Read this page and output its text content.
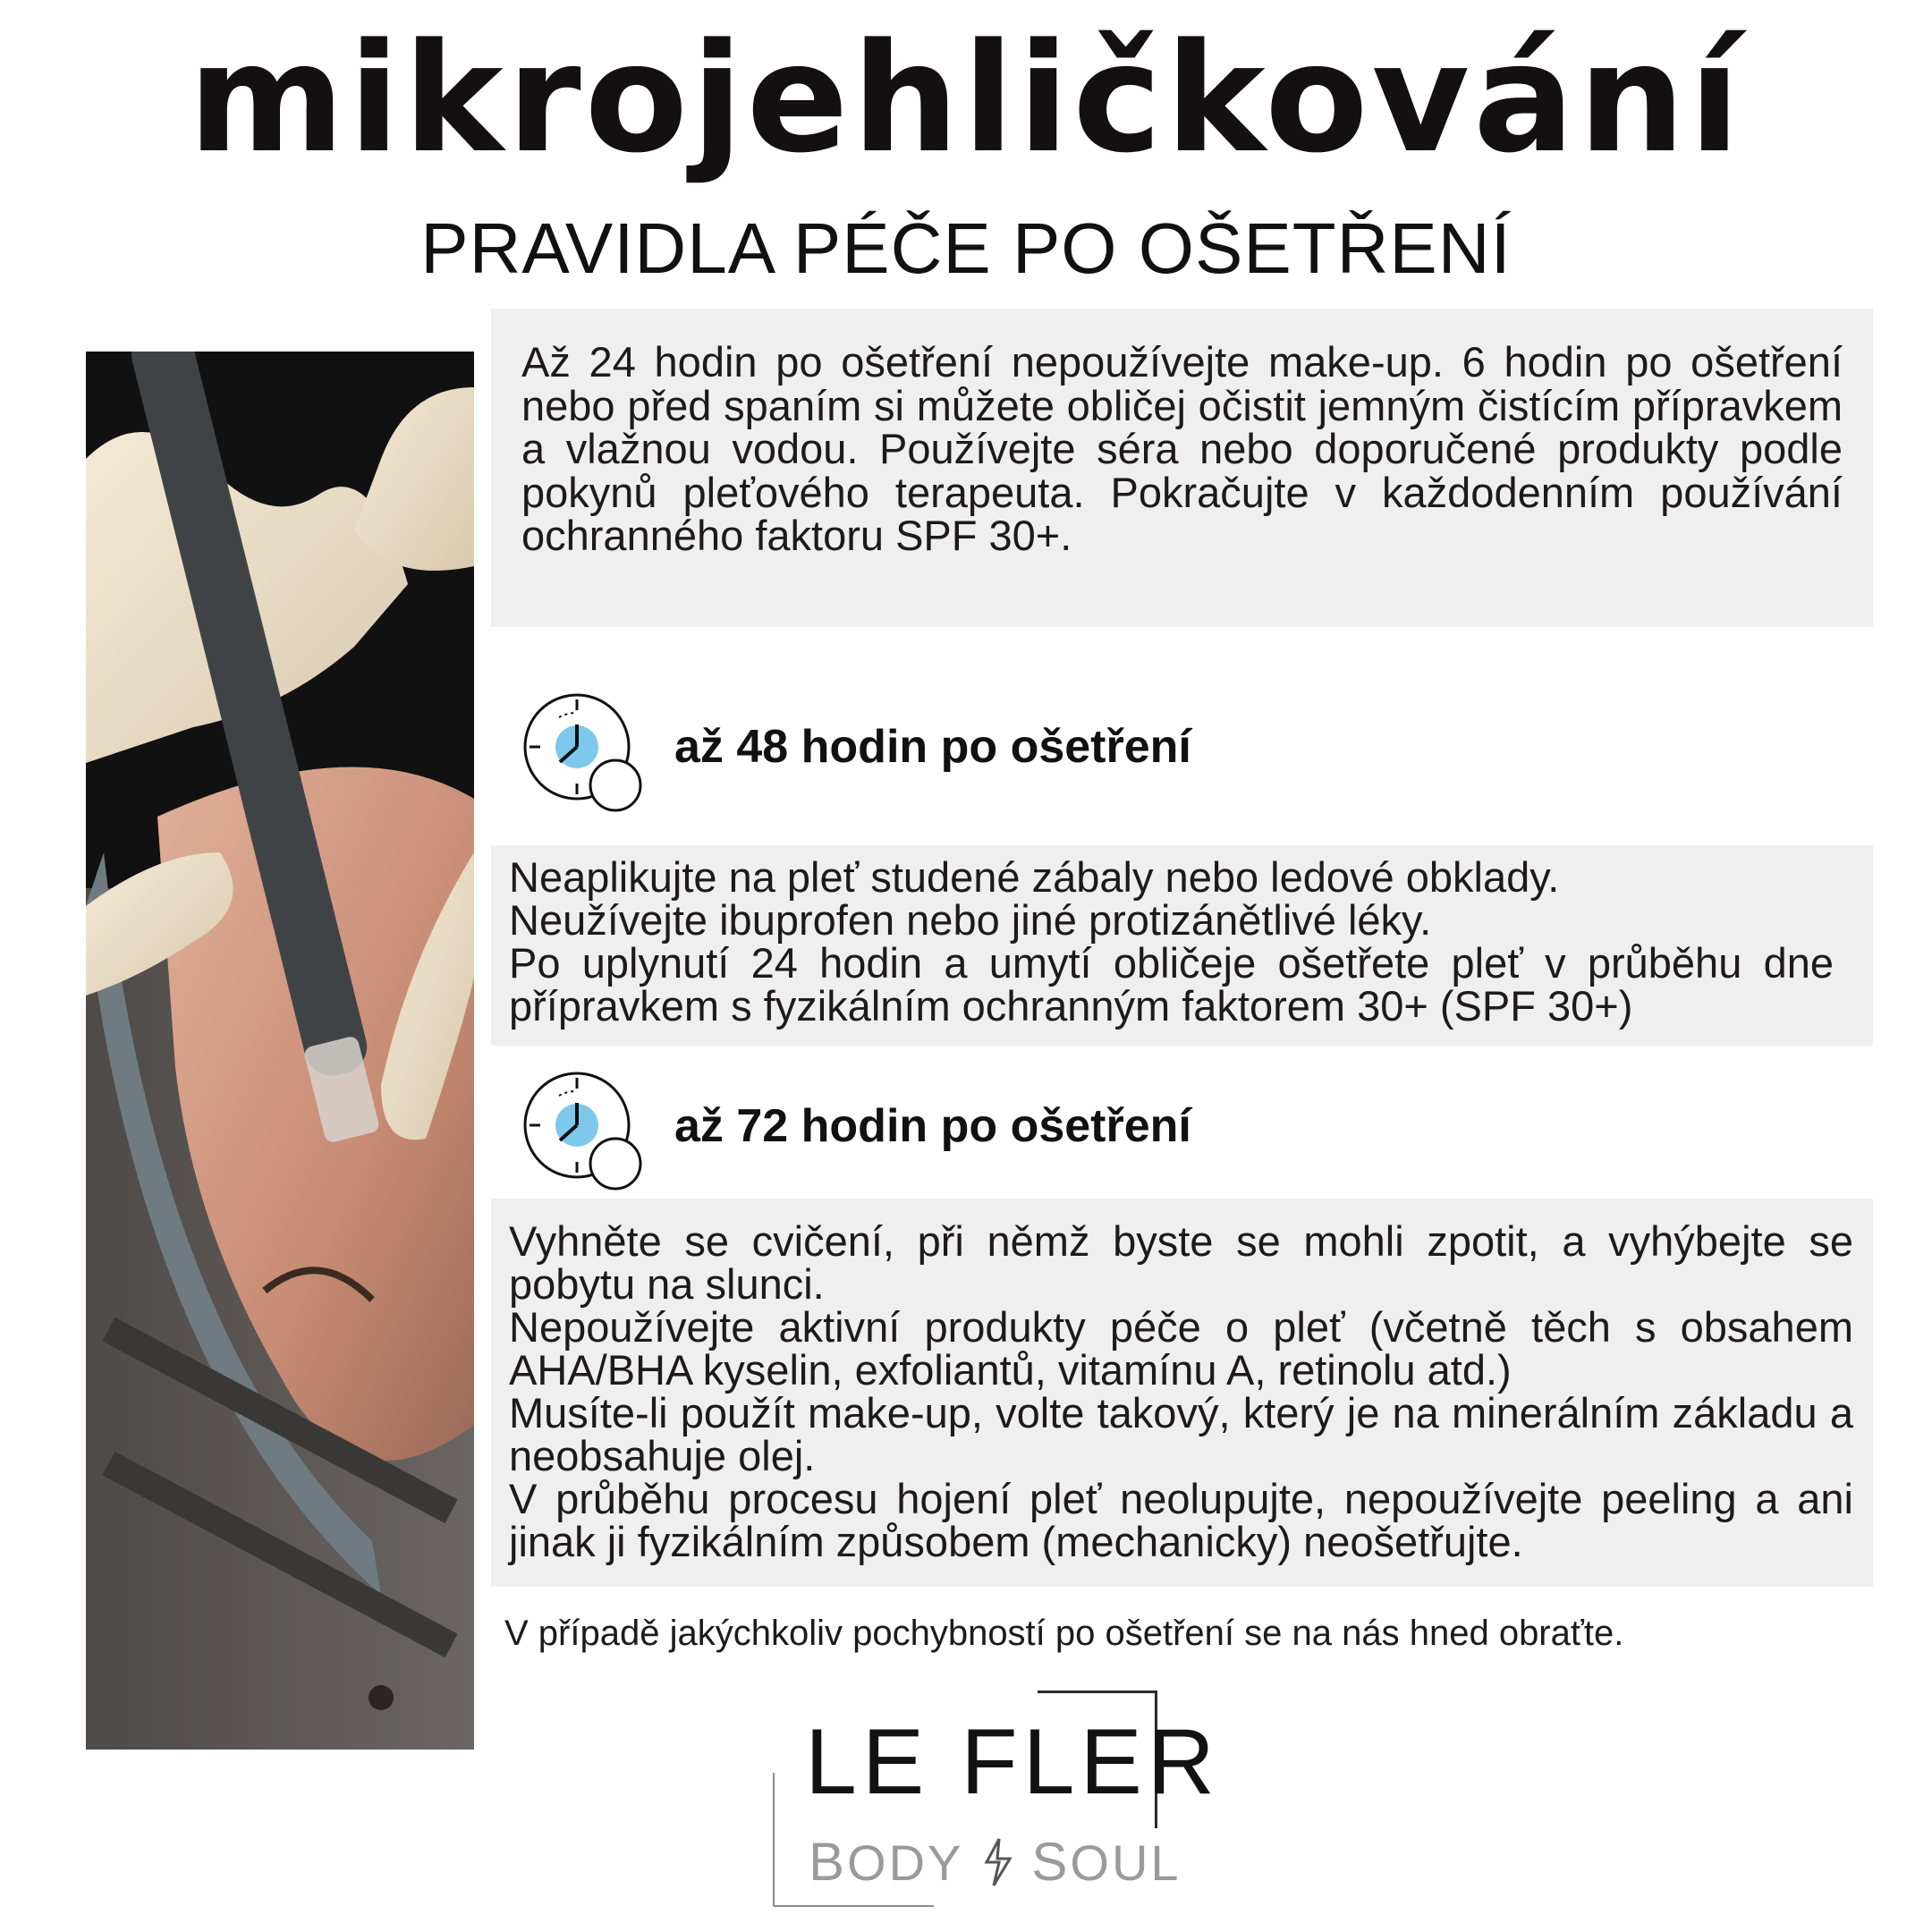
mikrojehličkování
PRAVIDLA PÉČE PO OŠETŘENÍ

Až 24 hodin po ošetření nepoužívejte make-up. 6 hodin po ošetření nebo před spaním si můžete obličej očistit jemným čistícím přípravkem a vlažnou vodou. Používejte séra nebo doporučené produkty podle pokynů pleťového terapeuta. Pokračujte v každodenním používání ochranného faktoru SPF 30+.

až 48 hodin po ošetření

Neaplikujte na pleť studené zábaly nebo ledové obklady.

Neužívejte ibuprofen nebo jiné protizánětlivé léky.

Po uplynutí 24 hodin a umytí obličeje ošetřete pleť v průběhu dne přípravkem s fyzikálním ochranným faktorem 30+ (SPF 30+)

až 72 hodin po ošetření

Vyhněte se cvičení, při němž byste se mohli zpotit, a vyhýbejte se pobytu na slunci.

Nepoužívejte aktivní produkty péče o pleť (včetně těch s obsahem AHA/BHA kyselin, exfoliantů, vitamínu A, retinolu atd.)

Musíte-li použít make-up, volte takový, který je na minerálním základu a neobsahuje olej.

V průběhu procesu hojení pleť neolupujte, nepoužívejte peeling a ani jinak ji fyzikálním způsobem (mechanicky) neošetřujte.

V případě jakýchkoliv pochybností po ošetření se na nás hned obraťte.
LE FLER
BODY SOUL
